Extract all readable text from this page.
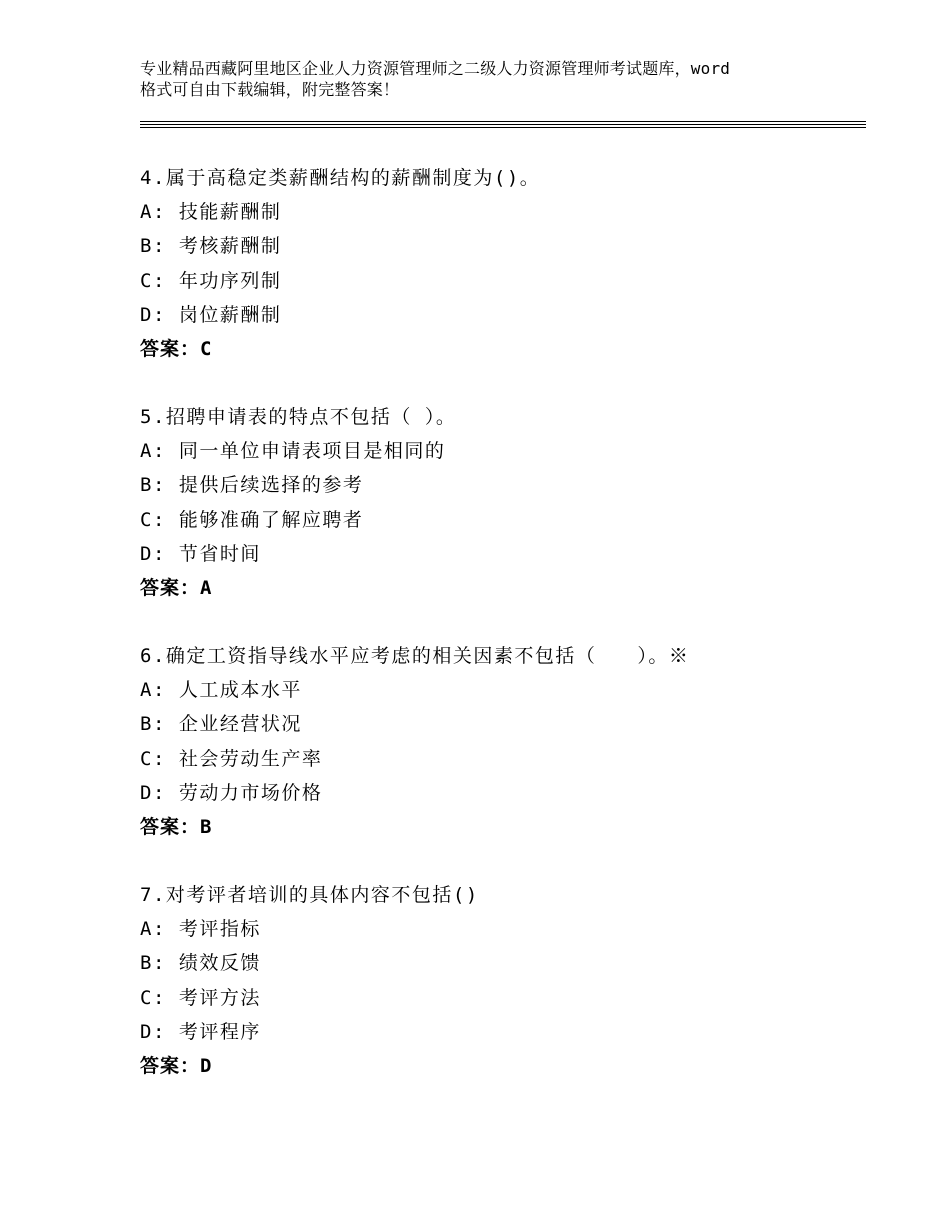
专业精品西藏阿里地区企业人力资源管理师之二级人力资源管理师考试题库，word
格式可自由下载编辑，附完整答案！
4.属于高稳定类薪酬结构的薪酬制度为()。
A: 技能薪酬制
B: 考核薪酬制
C: 年功序列制
D: 岗位薪酬制
答案：C
5.招聘申请表的特点不包括（ ）。
A: 同一单位申请表项目是相同的
B: 提供后续选择的参考
C: 能够准确了解应聘者
D: 节省时间
答案：A
6.确定工资指导线水平应考虑的相关因素不包括（　　）。※
A: 人工成本水平
B: 企业经营状况
C: 社会劳动生产率
D: 劳动力市场价格
答案：B
7.对考评者培训的具体内容不包括()
A: 考评指标
B: 绩效反馈
C: 考评方法
D: 考评程序
答案：D
